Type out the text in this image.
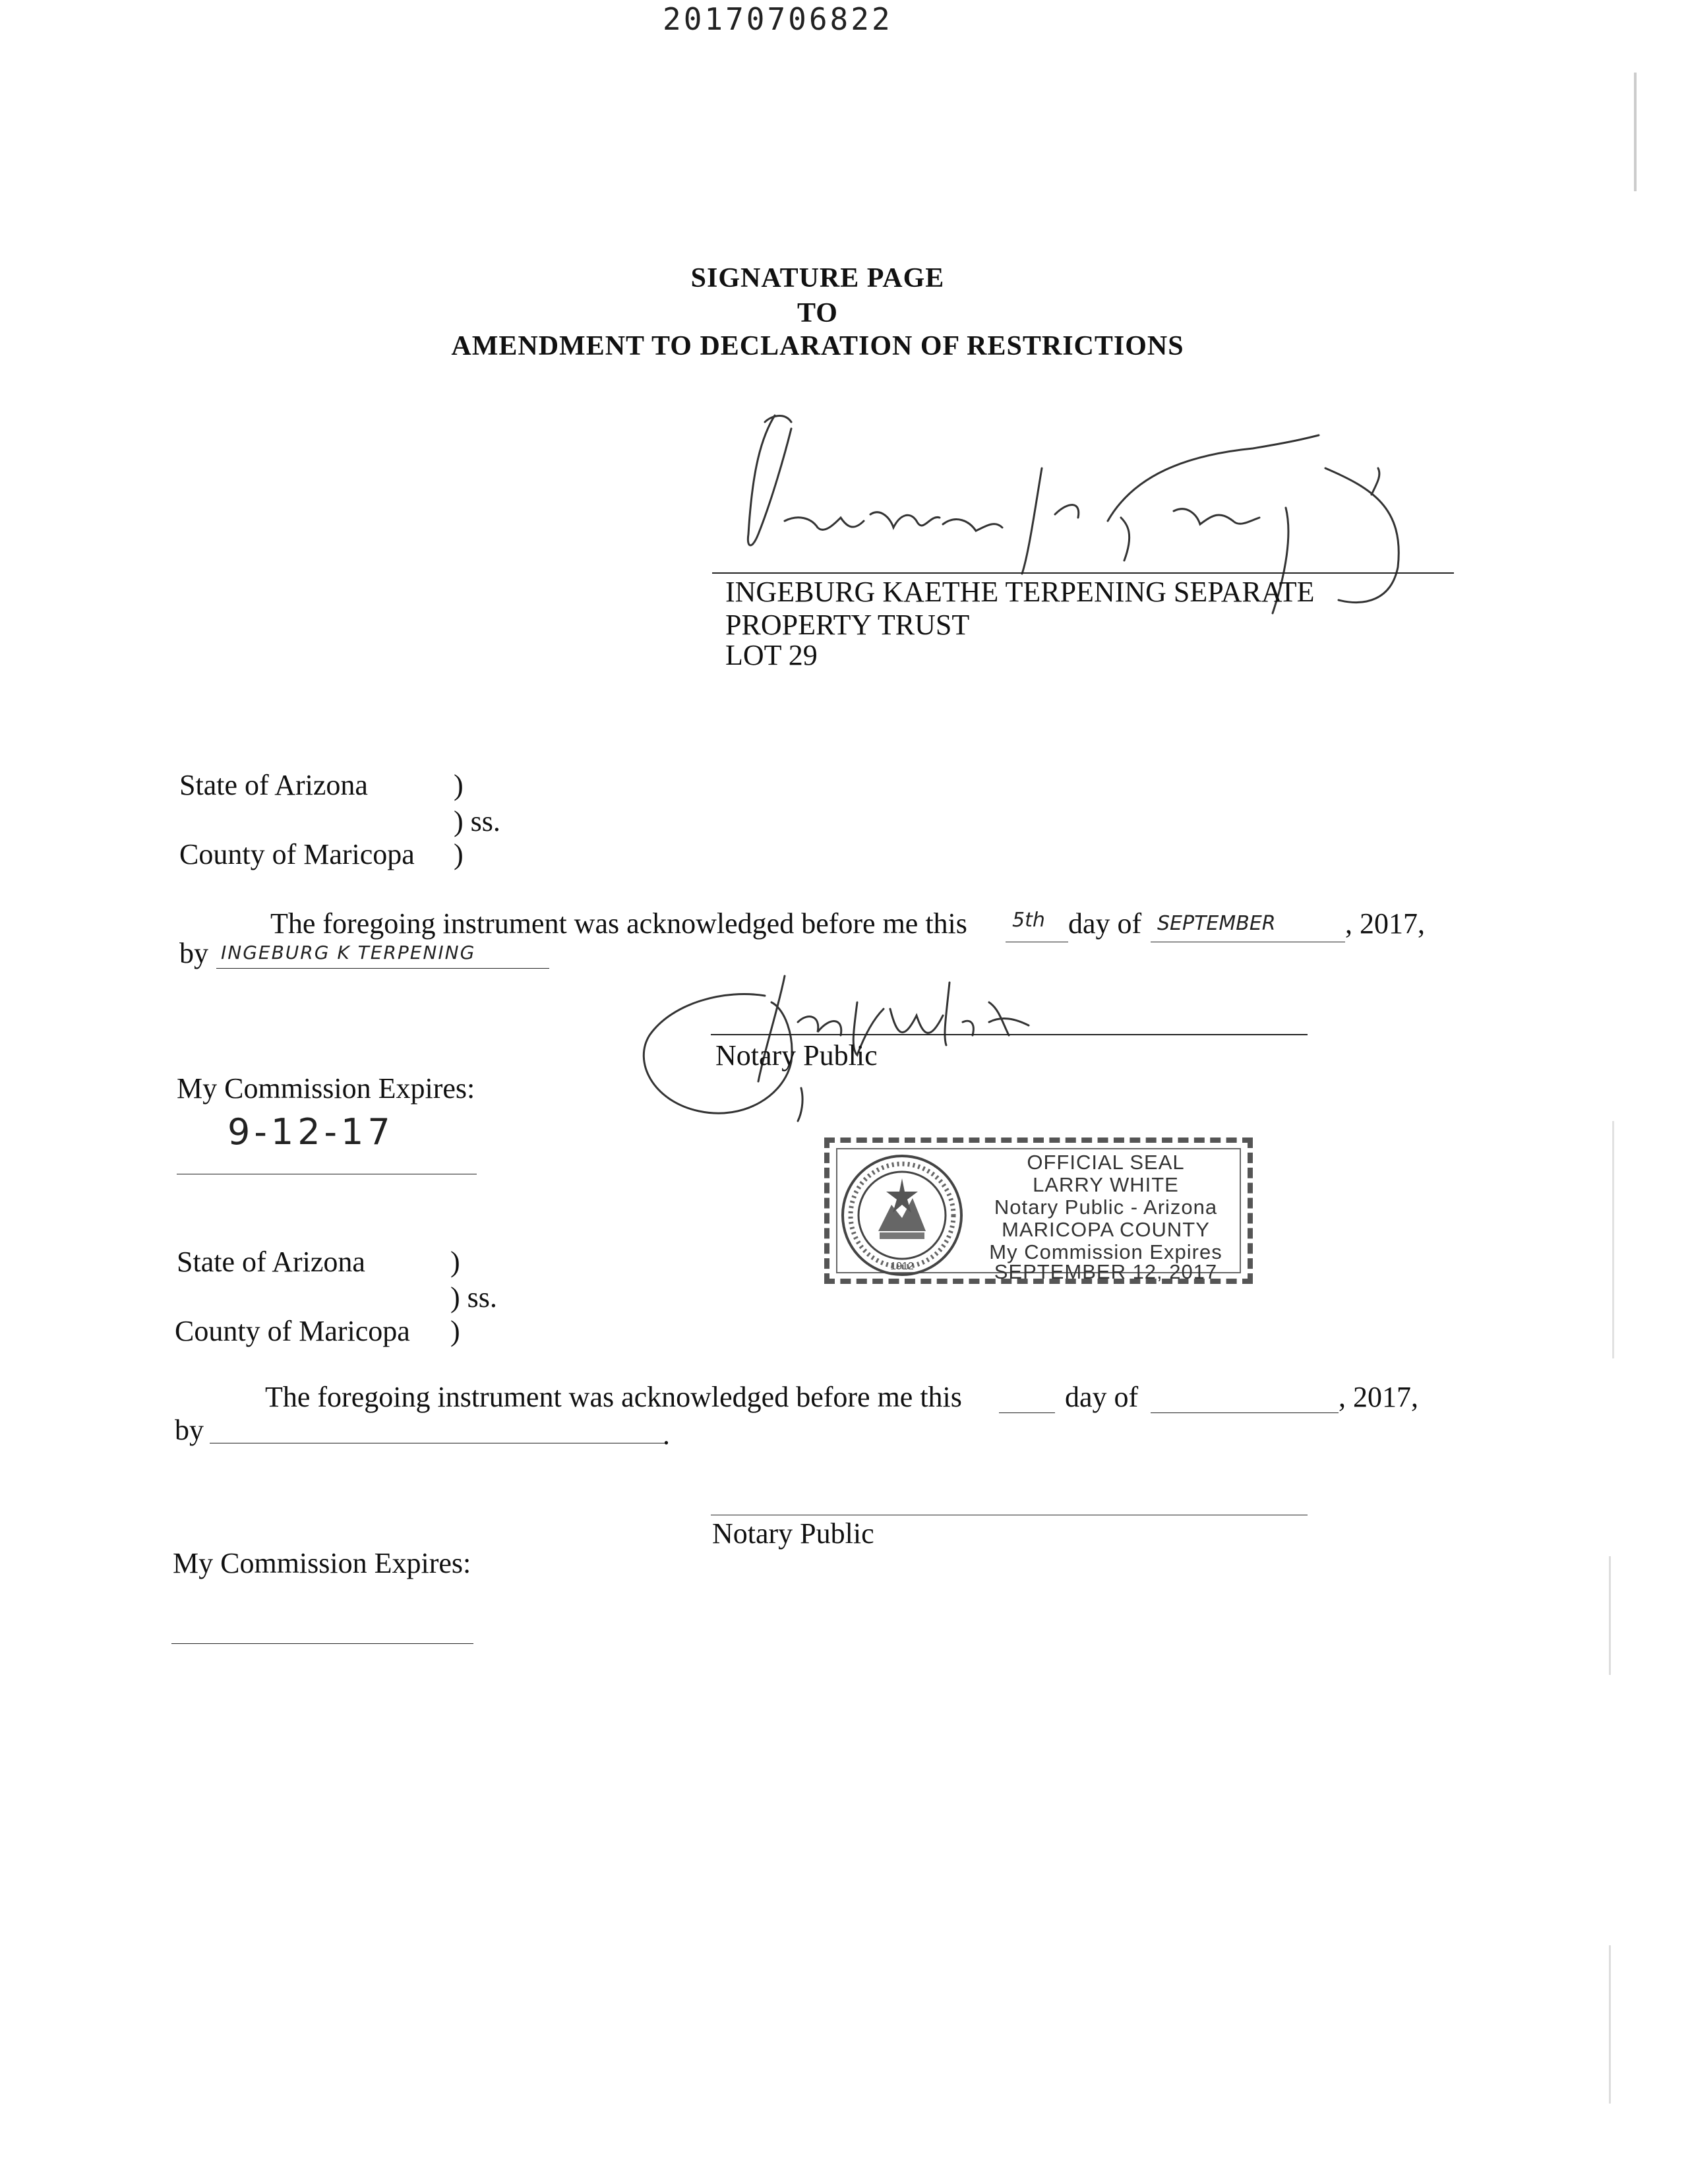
20170706822
SIGNATURE PAGE
TO
AMENDMENT TO DECLARATION OF RESTRICTIONS
INGEBURG KAETHE TERPENING SEPARATE
PROPERTY TRUST
LOT 29
State of Arizona	)
) ss.
County of Maricopa )
The foregoing instrument was acknowledged before me this 5th day of SEPTEMBER , 2017,
by INGEBURG K TERPENING
Notary Public
My Commission Expires:
9-12-17
1912
OFFICIAL SEAL
LARRY WHITE
Notary Public - Arizona
MARICOPA COUNTY
My Commission Expires
SEPTEMBER 12, 2017
State of Arizona	)
) ss.
County of Maricopa )
The foregoing instrument was acknowledged before me this	day of	, 2017,
by	.
Notary Public
My Commission Expires:
